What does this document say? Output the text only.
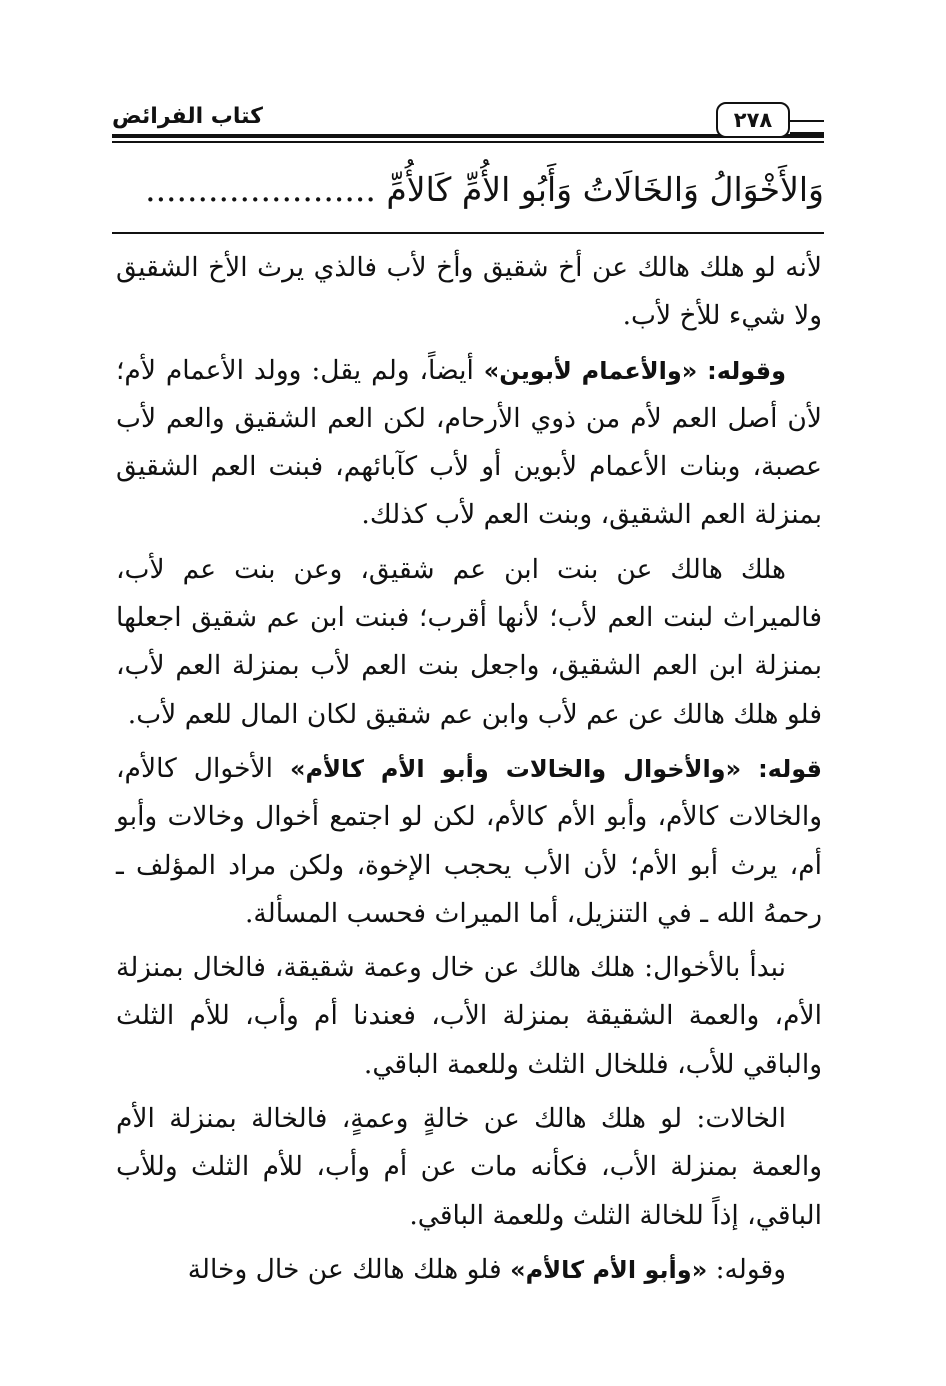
كتاب الفرائض	٢٧٨
وَالأَخْوَالُ وَالخَالَاتُ وَأَبُو الأُمِّ كَالأُمِّ ......................

لأنه لو هلك هالك عن أخ شقيق وأخ لأب فالذي يرث الأخ الشقيق ولا شيء للأخ لأب.

وقوله: «والأعمام لأبوين» أيضاً، ولم يقل: وولد الأعمام لأم؛ لأن أصل العم لأم من ذوي الأرحام، لكن العم الشقيق والعم لأب عصبة، وبنات الأعمام لأبوين أو لأب كآبائهم، فبنت العم الشقيق بمنزلة العم الشقيق، وبنت العم لأب كذلك.

هلك هالك عن بنت ابن عم شقيق، وعن بنت عم لأب، فالميراث لبنت العم لأب؛ لأنها أقرب؛ فبنت ابن عم شقيق اجعلها بمنزلة ابن العم الشقيق، واجعل بنت العم لأب بمنزلة العم لأب، فلو هلك هالك عن عم لأب وابن عم شقيق لكان المال للعم لأب.

قوله: «والأخوال والخالات وأبو الأم كالأم» الأخوال كالأم، والخالات كالأم، وأبو الأم كالأم، لكن لو اجتمع أخوال وخالات وأبو أم، يرث أبو الأم؛ لأن الأب يحجب الإخوة، ولكن مراد المؤلف ـ رحمهُ الله ـ في التنزيل، أما الميراث فحسب المسألة.

نبدأ بالأخوال: هلك هالك عن خال وعمة شقيقة، فالخال بمنزلة الأم، والعمة الشقيقة بمنزلة الأب، فعندنا أم وأب، للأم الثلث والباقي للأب، فللخال الثلث وللعمة الباقي.

الخالات: لو هلك هالك عن خالةٍ وعمةٍ، فالخالة بمنزلة الأم والعمة بمنزلة الأب، فكأنه مات عن أم وأب، للأم الثلث وللأب الباقي، إذاً للخالة الثلث وللعمة الباقي.

وقوله: «وأبو الأم كالأم» فلو هلك هالك عن خال وخالة
